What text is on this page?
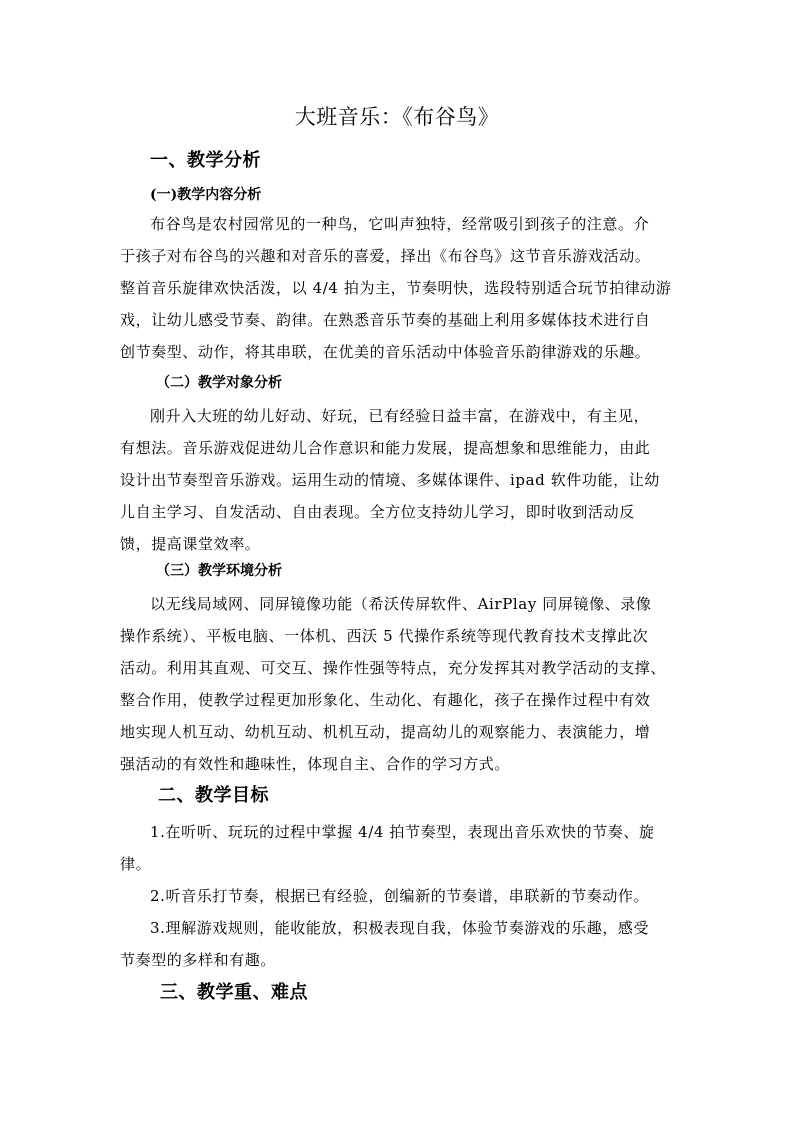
大班音乐：《布谷鸟》
一、教学分析
(一)教学内容分析
布谷鸟是农村园常见的一种鸟，它叫声独特，经常吸引到孩子的注意。介
于孩子对布谷鸟的兴趣和对音乐的喜爱，择出《布谷鸟》这节音乐游戏活动。
整首音乐旋律欢快活泼，以 4/4 拍为主，节奏明快，选段特别适合玩节拍律动游
戏，让幼儿感受节奏、韵律。在熟悉音乐节奏的基础上利用多媒体技术进行自
创节奏型、动作，将其串联，在优美的音乐活动中体验音乐韵律游戏的乐趣。
（二）教学对象分析
刚升入大班的幼儿好动、好玩，已有经验日益丰富，在游戏中，有主见，
有想法。音乐游戏促进幼儿合作意识和能力发展，提高想象和思维能力，由此
设计出节奏型音乐游戏。运用生动的情境、多媒体课件、ipad 软件功能，让幼
儿自主学习、自发活动、自由表现。全方位支持幼儿学习，即时收到活动反
馈，提高课堂效率。
（三）教学环境分析
以无线局域网、同屏镜像功能（希沃传屏软件、AirPlay 同屏镜像、录像
操作系统）、平板电脑、一体机、西沃 5 代操作系统等现代教育技术支撑此次
活动。利用其直观、可交互、操作性强等特点，充分发挥其对教学活动的支撑、
整合作用，使教学过程更加形象化、生动化、有趣化，孩子在操作过程中有效
地实现人机互动、幼机互动、机机互动，提高幼儿的观察能力、表演能力，增
强活动的有效性和趣味性，体现自主、合作的学习方式。
二、教学目标
1.在听听、玩玩的过程中掌握 4/4 拍节奏型，表现出音乐欢快的节奏、旋
律。
2.听音乐打节奏，根据已有经验，创编新的节奏谱，串联新的节奏动作。
3.理解游戏规则，能收能放，积极表现自我，体验节奏游戏的乐趣，感受
节奏型的多样和有趣。
三、教学重、难点
